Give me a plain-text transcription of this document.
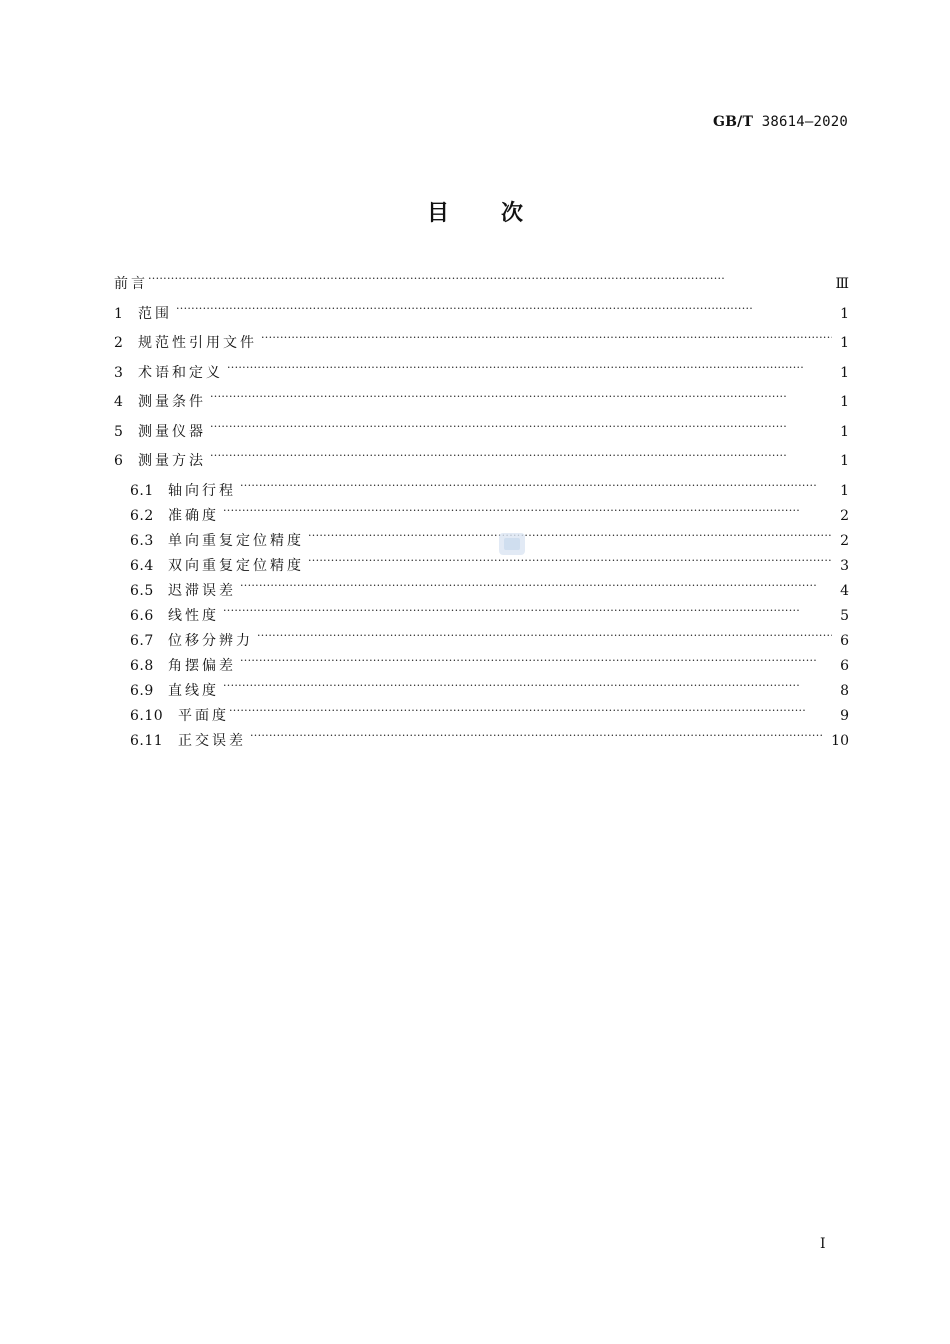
GB/T 38614—2020
目次
前言 ·····	Ⅲ
1	范围 ·····	1
2	规范性引用文件 ·····	1
3	术语和定义 ·····	1
4	测量条件 ·····	1
5	测量仪器 ·····	1
6	测量方法 ·····	1
6.1	轴向行程 ·····	1
6.2	准确度 ·····	2
6.3	单向重复定位精度 ·····	2
6.4	双向重复定位精度 ·····	3
6.5	迟滞误差 ·····	4
6.6	线性度 ·····	5
6.7	位移分辨力 ·····	6
6.8	角摆偏差 ·····	6
6.9	直线度 ·····	8
6.10	平面度 ·····	9
6.11	正交误差 ·····	10
Ⅰ
